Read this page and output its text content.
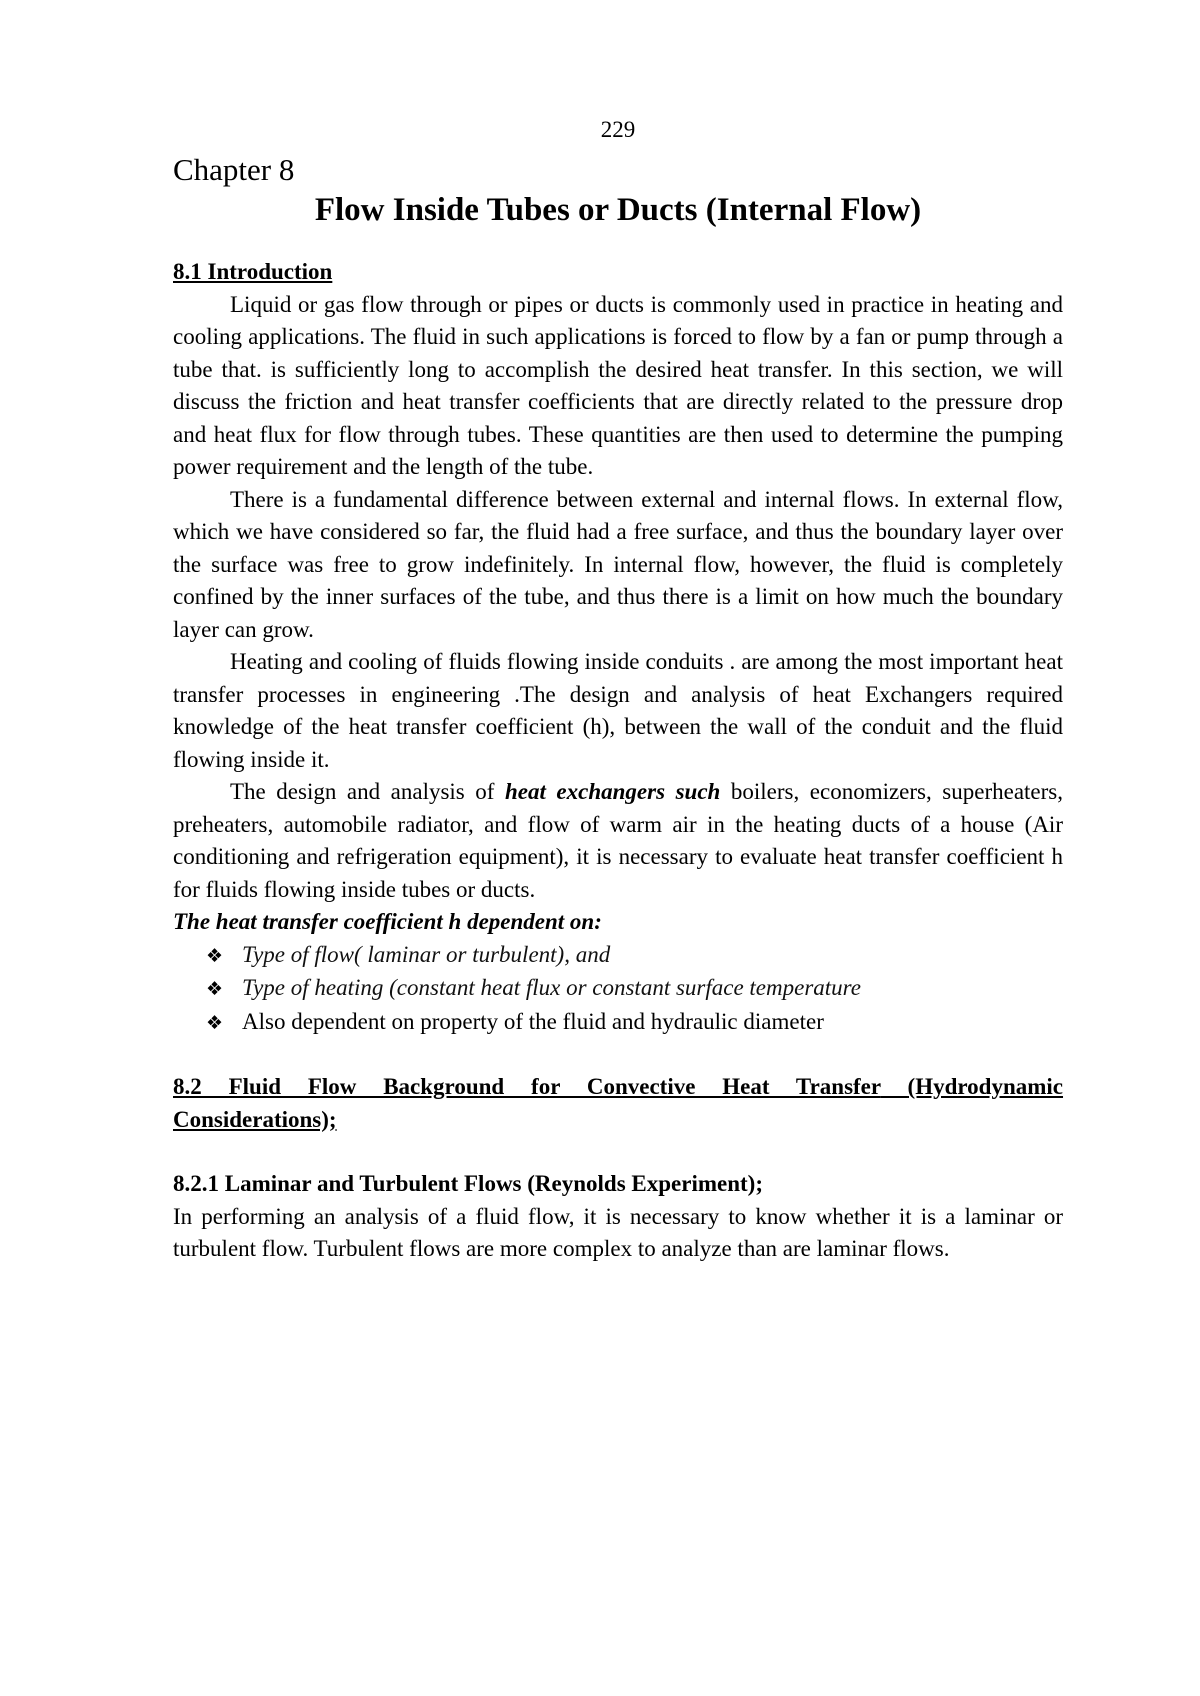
229
Chapter 8
Flow Inside Tubes or Ducts (Internal Flow)
8.1 Introduction

Liquid or gas flow through or pipes or ducts is commonly used in practice in heating and cooling applications. The fluid in such applications is forced to flow by a fan or pump through a tube that. is sufficiently long to accomplish the desired heat transfer. In this section, we will discuss the friction and heat transfer coefficients that are directly related to the pressure drop and heat flux for flow through tubes. These quantities are then used to determine the pumping power requirement and the length of the tube.

There is a fundamental difference between external and internal flows. In external flow, which we have considered so far, the fluid had a free surface, and thus the boundary layer over the surface was free to grow indefinitely. In internal flow, however, the fluid is completely confined by the inner surfaces of the tube, and thus there is a limit on how much the boundary layer can grow.

Heating and cooling of fluids flowing inside conduits . are among the most important heat transfer processes in engineering .The design and analysis of heat Exchangers required knowledge of the heat transfer coefficient (h), between the wall of the conduit and the fluid flowing inside it.

The design and analysis of heat exchangers such boilers, economizers, superheaters, preheaters, automobile radiator, and flow of warm air in the heating ducts of a house (Air conditioning and refrigeration equipment), it is necessary to evaluate heat transfer coefficient h for fluids flowing inside tubes or ducts.

The heat transfer coefficient h dependent on:
❖ Type of flow( laminar or turbulent), and
❖ Type of heating (constant heat flux or constant surface temperature
❖ Also dependent on property of the fluid and hydraulic diameter
8.2 Fluid Flow Background for Convective Heat Transfer (Hydrodynamic Considerations);
8.2.1 Laminar and Turbulent Flows (Reynolds Experiment);

In performing an analysis of a fluid flow, it is necessary to know whether it is a laminar or turbulent flow. Turbulent flows are more complex to analyze than are laminar flows.
